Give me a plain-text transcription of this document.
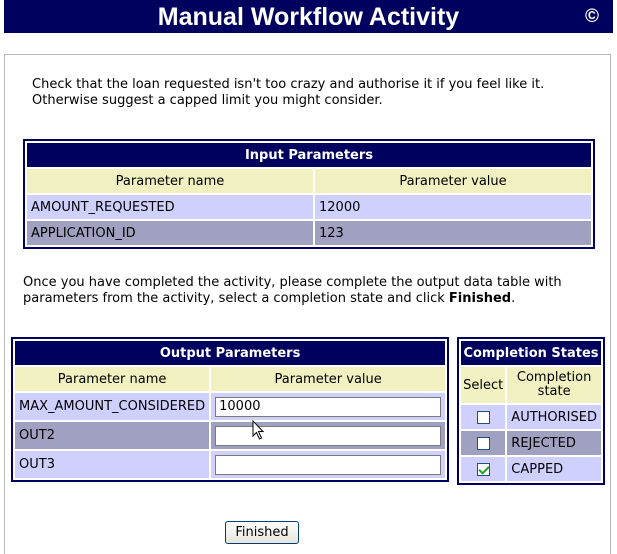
Manual Workflow Activity	©

Check that the loan requested isn't too crazy and authorise it if you feel like it.

Otherwise suggest a capped limit you might consider.

Input Parameters	
Parameter name	Parameter value
AMOUNT_REQUESTED	12000
APPLICATION_ID	123

Once you have completed the activity, please complete the output data table with

parameters from the activity, select a completion state and click Finished.

Output Parameters	
Parameter name	Parameter value
MAX_AMOUNT_CONSIDERED	10000
OUT2	
OUT3	
Completion States	
Select	Completion state
	AUTHORISED
	REJECTED
	CAPPED
Finished
